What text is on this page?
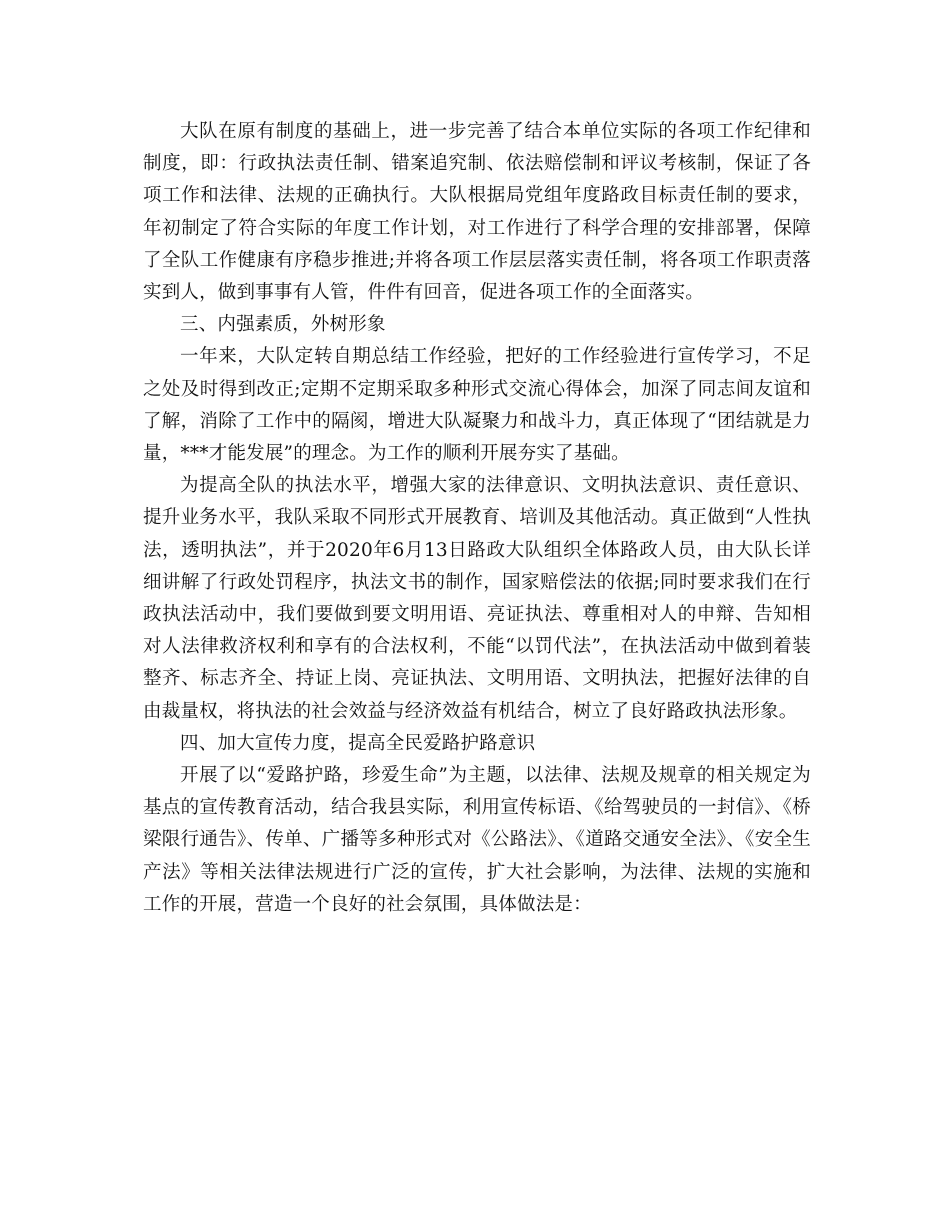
大队在原有制度的基础上，进一步完善了结合本单位实际的各项工作纪律和制度，即：行政执法责任制、错案追究制、依法赔偿制和评议考核制，保证了各项工作和法律、法规的正确执行。大队根据局党组年度路政目标责任制的要求，年初制定了符合实际的年度工作计划，对工作进行了科学合理的安排部署，保障了全队工作健康有序稳步推进;并将各项工作层层落实责任制，将各项工作职责落实到人，做到事事有人管，件件有回音，促进各项工作的全面落实。

三、内强素质，外树形象

一年来，大队定转自期总结工作经验，把好的工作经验进行宣传学习，不足之处及时得到改正;定期不定期采取多种形式交流心得体会，加深了同志间友谊和了解，消除了工作中的隔阂，增进大队凝聚力和战斗力，真正体现了“团结就是力量，***才能发展”的理念。为工作的顺利开展夯实了基础。

为提高全队的执法水平，增强大家的法律意识、文明执法意识、责任意识、提升业务水平，我队采取不同形式开展教育、培训及其他活动。真正做到“人性执法，透明执法”，并于2020年6月13日路政大队组织全体路政人员，由大队长详细讲解了行政处罚程序，执法文书的制作，国家赔偿法的依据;同时要求我们在行政执法活动中，我们要做到要文明用语、亮证执法、尊重相对人的申辩、告知相对人法律救济权利和享有的合法权利，不能“以罚代法”，在执法活动中做到着装整齐、标志齐全、持证上岗、亮证执法、文明用语、文明执法，把握好法律的自由裁量权，将执法的社会效益与经济效益有机结合，树立了良好路政执法形象。

四、加大宣传力度，提高全民爱路护路意识

开展了以“爱路护路，珍爱生命”为主题，以法律、法规及规章的相关规定为基点的宣传教育活动，结合我县实际，利用宣传标语、《给驾驶员的一封信》、《桥梁限行通告》、传单、广播等多种形式对《公路法》、《道路交通安全法》、《安全生产法》等相关法律法规进行广泛的宣传，扩大社会影响，为法律、法规的实施和工作的开展，营造一个良好的社会氛围，具体做法是：
